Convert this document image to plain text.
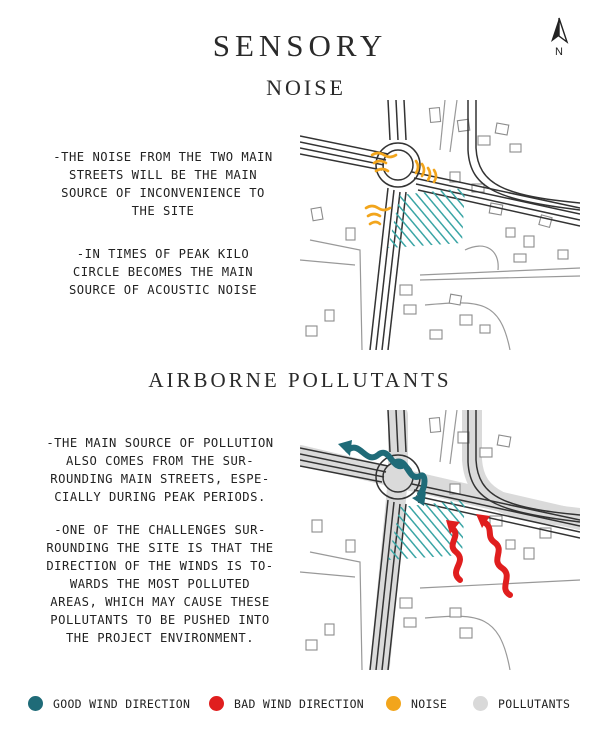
SENSORY	N
NOISE
-THE NOISE FROM THE TWO MAIN
STREETS WILL BE THE MAIN
SOURCE OF INCONVENIENCE TO
THE SITE
-IN TIMES OF PEAK KILO
CIRCLE BECOMES THE MAIN
SOURCE OF ACOUSTIC NOISE
AIRBORNE POLLUTANTS
-THE MAIN SOURCE OF POLLUTION
ALSO COMES FROM THE SUR-
ROUNDING MAIN STREETS, ESPE-
CIALLY DURING PEAK PERIODS.
-ONE OF THE CHALLENGES SUR-
ROUNDING THE SITE IS THAT THE
DIRECTION OF THE WINDS IS TO-
WARDS THE MOST POLLUTED
AREAS, WHICH MAY CAUSE THESE
POLLUTANTS TO BE PUSHED INTO
THE PROJECT ENVIRONMENT.
GOOD WIND DIRECTION	BAD WIND DIRECTION	NOISE	POLLUTANTS
